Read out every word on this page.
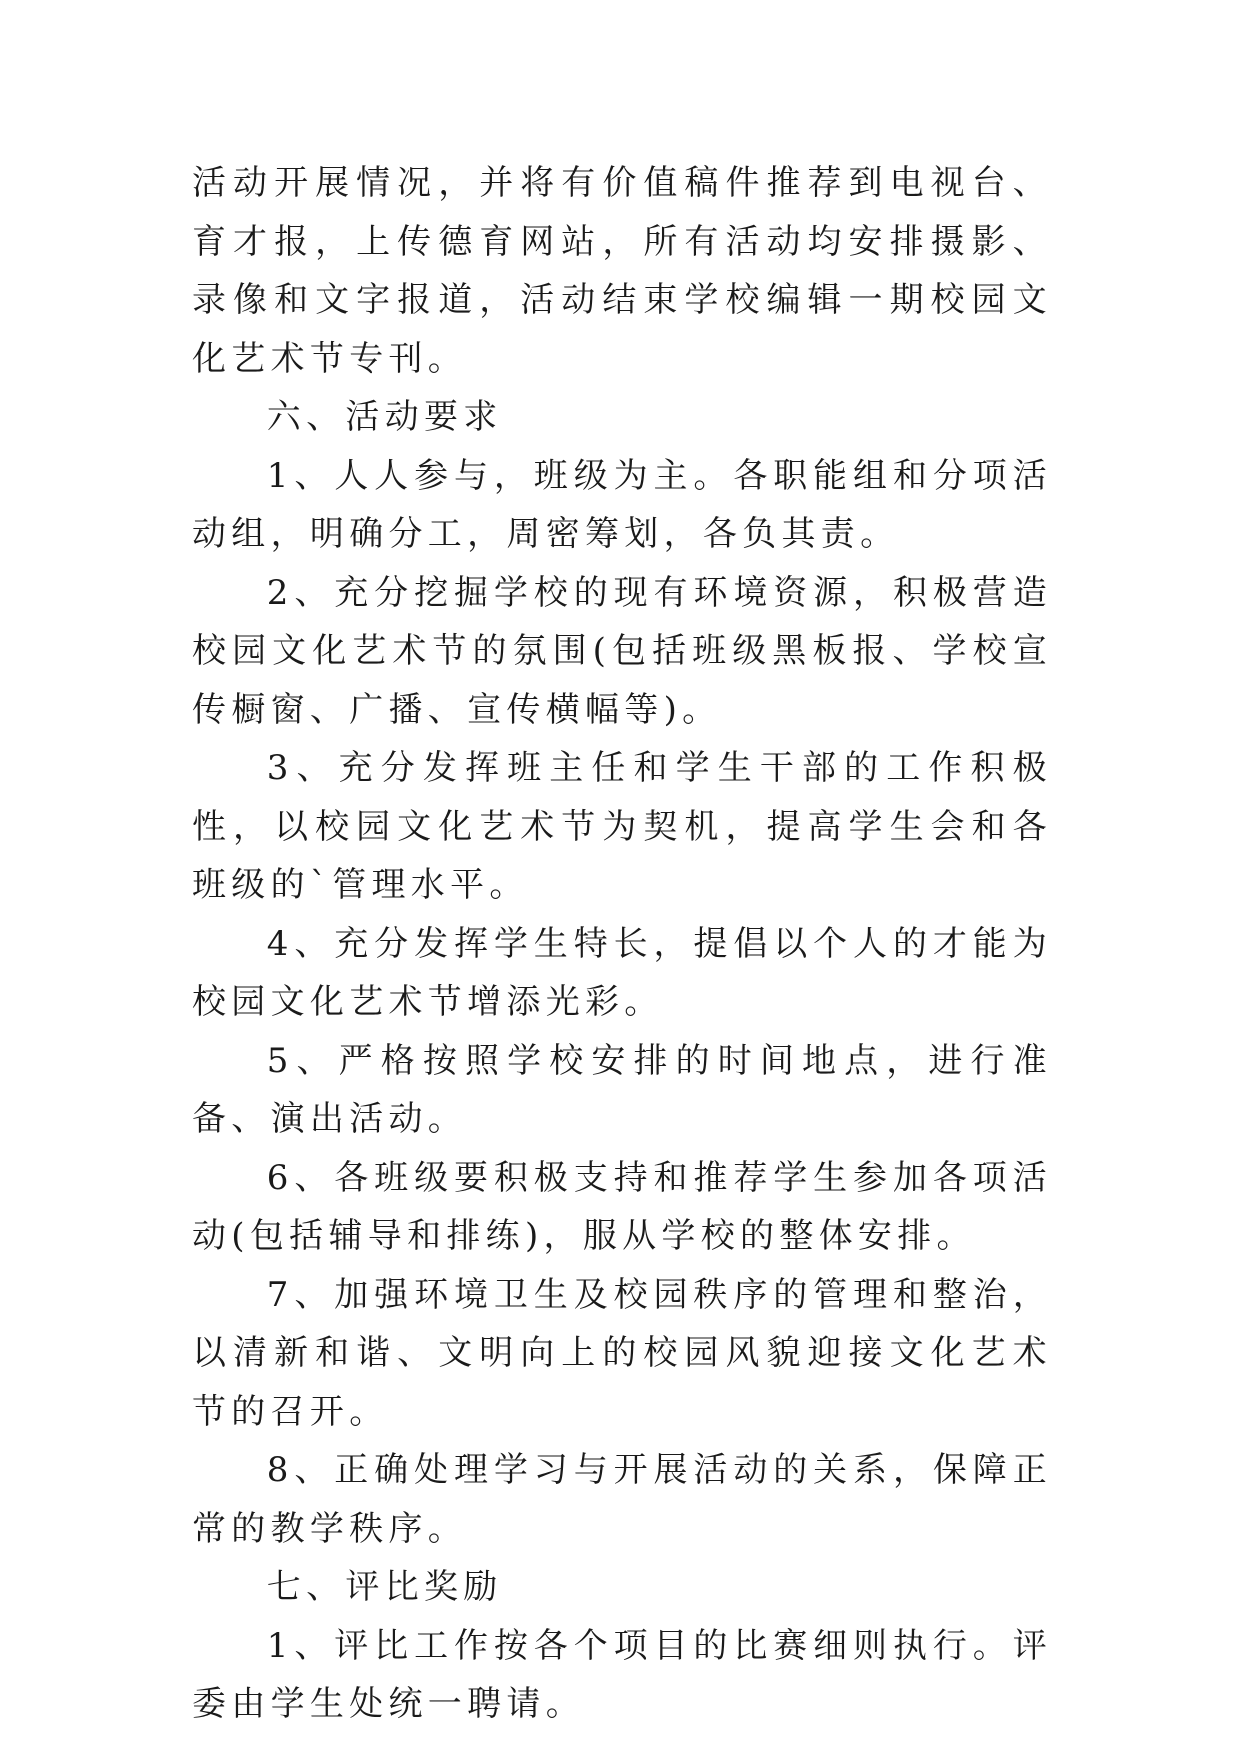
活动开展情况，并将有价值稿件推荐到电视台、育才报，上传德育网站，所有活动均安排摄影、录像和文字报道，活动结束学校编辑一期校园文化艺术节专刊。

六、活动要求

1、人人参与，班级为主。各职能组和分项活动组，明确分工，周密筹划，各负其责。

2、充分挖掘学校的现有环境资源，积极营造校园文化艺术节的氛围(包括班级黑板报、学校宣传橱窗、广播、宣传横幅等)。

3、充分发挥班主任和学生干部的工作积极性，以校园文化艺术节为契机，提高学生会和各班级的`管理水平。

4、充分发挥学生特长，提倡以个人的才能为校园文化艺术节增添光彩。

5、严格按照学校安排的时间地点，进行准备、演出活动。

6、各班级要积极支持和推荐学生参加各项活动(包括辅导和排练)，服从学校的整体安排。

7、加强环境卫生及校园秩序的管理和整治，以清新和谐、文明向上的校园风貌迎接文化艺术节的召开。

8、正确处理学习与开展活动的关系，保障正常的教学秩序。

七、评比奖励

1、评比工作按各个项目的比赛细则执行。评委由学生处统一聘请。
